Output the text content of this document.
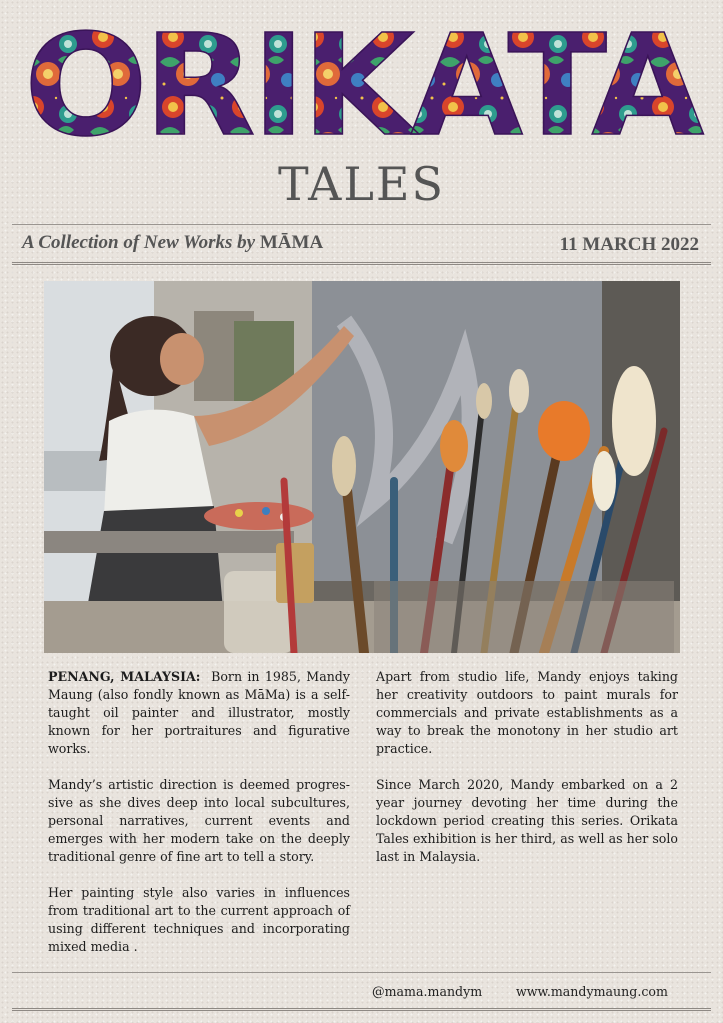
ORIKATA
TALES
A Collection of New Works by MĀMA	11 MARCH 2022

PENANG, MALAYSIA: Born in 1985, Mandy Maung (also fondly known as MāMa) is a self-taught oil painter and illustrator, mostly known for her portraitures and figurative works.

Mandy’s artistic direction is deemed progressive as she dives deep into local subcultures, personal narratives, current events and emerges with her modern take on the deeply traditional genre of fine art to tell a story.

Her painting style also varies in influences from traditional art to the current approach of using different techniques and incorporating mixed media .

Apart from studio life, Mandy enjoys taking her creativity outdoors to paint murals for commercials and private establishments as a way to break the monotony in her studio art practice.

Since March 2020, Mandy embarked on a 2 year journey devoting her time during the lockdown period creating this series. Orikata Tales exhibition is her third, as well as her solo last in Malaysia.

@mama.mandym	www.mandymaung.com
